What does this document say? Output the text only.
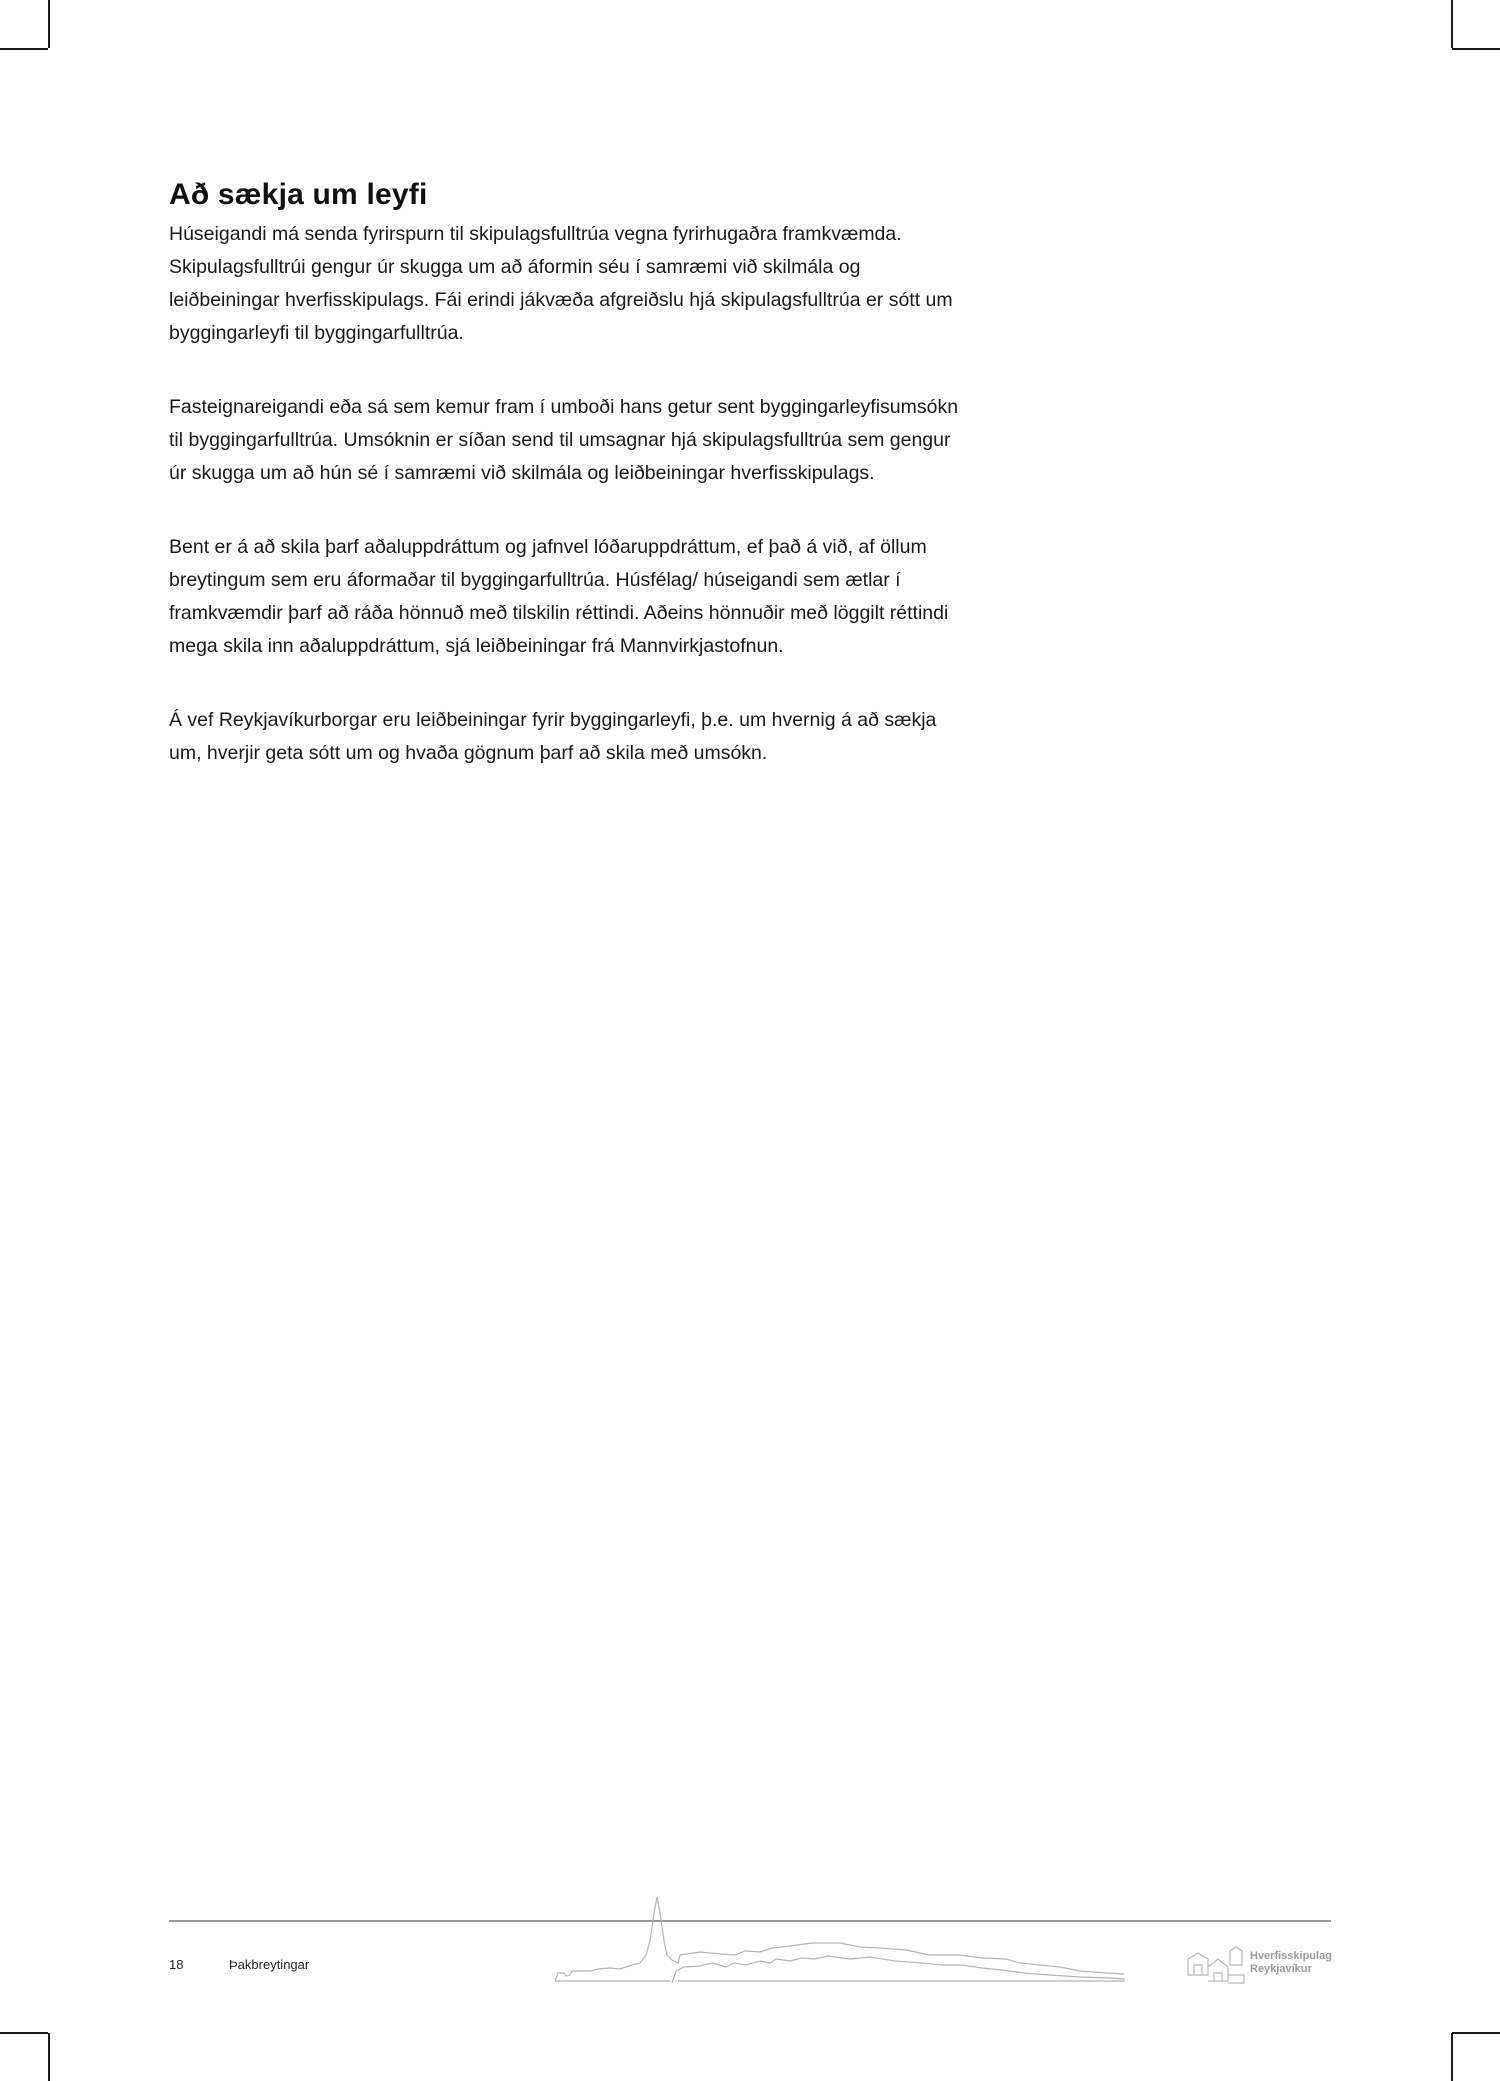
Að sækja um leyfi

Húseigandi má senda fyrirspurn til skipulagsfulltrúa vegna fyrirhugaðra framkvæmda. Skipulagsfulltrúi gengur úr skugga um að áformin séu í samræmi við skilmála og leiðbeiningar hverfisskipulags. Fái erindi jákvæða afgreiðslu hjá skipulagsfulltrúa er sótt um byggingarleyfi til byggingarfulltrúa.

Fasteignareigandi eða sá sem kemur fram í umboði hans getur sent byggingarleyfisumsókn til byggingarfulltrúa. Umsóknin er síðan send til umsagnar hjá skipulagsfulltrúa sem gengur úr skugga um að hún sé í samræmi við skilmála og leiðbeiningar hverfisskipulags.

Bent er á að skila þarf aðaluppdráttum og jafnvel lóðaruppdráttum, ef það á við, af öllum breytingum sem eru áformaðar til byggingarfulltrúa. Húsfélag/ húseigandi sem ætlar í framkvæmdir þarf að ráða hönnuð með tilskilin réttindi. Aðeins hönnuðir með löggilt réttindi mega skila inn aðaluppdráttum, sjá leiðbeiningar frá Mannvirkjastofnun.

Á vef Reykjavíkurborgar eru leiðbeiningar fyrir byggingarleyfi, þ.e. um hvernig á að sækja um, hverjir geta sótt um og hvaða gögnum þarf að skila með umsókn.

18	Þakbreytingar
Hverfisskipulag
Reykjavíkur
